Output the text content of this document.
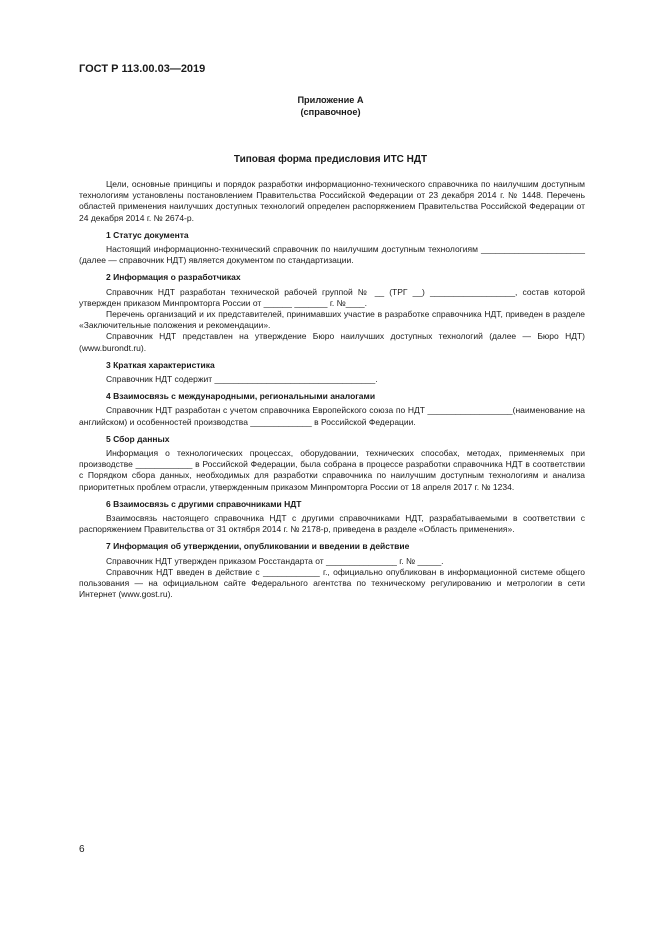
ГОСТ Р 113.00.03—2019
Приложение А
(справочное)
Типовая форма предисловия ИТС НДТ

Цели, основные принципы и порядок разработки информационно-технического справочника по наилучшим доступным технологиям установлены постановлением Правительства Российской Федерации от 23 декабря 2014 г. № 1448. Перечень областей применения наилучших доступных технологий определен распоряжением Правительства Российской Федерации от 24 декабря 2014 г. № 2674-р.

1 Статус документа

Настоящий информационно-технический справочник по наилучшим доступным технологиям ______________________ (далее — справочник НДТ) является документом по стандартизации.

2 Информация о разработчиках

Справочник НДТ разработан технической рабочей группой № __ (ТРГ __) __________________, состав которой утвержден приказом Минпромторга России от ______ _______ г. №____.

Перечень организаций и их представителей, принимавших участие в разработке справочника НДТ, приведен в разделе «Заключительные положения и рекомендации».

Справочник НДТ представлен на утверждение Бюро наилучших доступных технологий (далее — Бюро НДТ) (www.burondt.ru).

3 Краткая характеристика

Справочник НДТ содержит __________________________________.

4 Взаимосвязь с международными, региональными аналогами

Справочник НДТ разработан с учетом справочника Европейского союза по НДТ __________________(наименование на английском) и особенностей производства _____________ в Российской Федерации.

5 Сбор данных

Информация о технологических процессах, оборудовании, технических способах, методах, применяемых при производстве ____________ в Российской Федерации, была собрана в процессе разработки справочника НДТ в соответствии с Порядком сбора данных, необходимых для разработки справочника по наилучшим доступным технологиям и анализа приоритетных проблем отрасли, утвержденным приказом Минпромторга России от 18 апреля 2017 г. № 1234.

6 Взаимосвязь с другими справочниками НДТ

Взаимосвязь настоящего справочника НДТ с другими справочниками НДТ, разрабатываемыми в соответствии с распоряжением Правительства от 31 октября 2014 г. № 2178-р, приведена в разделе «Область применения».

7 Информация об утверждении, опубликовании и введении в действие

Справочник НДТ утвержден приказом Росстандарта от _______________ г. № _____.

Справочник НДТ введен в действие с ____________ г., официально опубликован в информационной системе общего пользования — на официальном сайте Федерального агентства по техническому регулированию и метрологии в сети Интернет (www.gost.ru).

6
